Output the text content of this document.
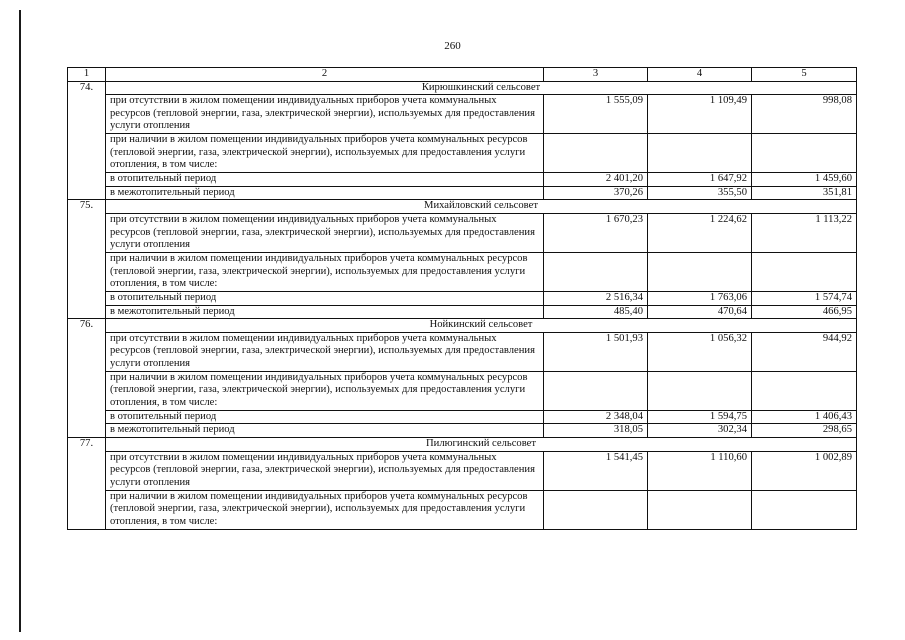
260
1	2	3	4	5
74.	Кирюшкинский сельсовет			
	при отсутствии в жилом помещении индивидуальных приборов учета коммунальных ресурсов (тепловой энергии, газа, электрической энергии), используемых для предоставления услуги отопления	1 555,09	1 109,49	998,08
	при наличии в жилом помещении индивидуальных приборов учета коммунальных ресурсов (тепловой энергии, газа, электрической энергии), используемых для предоставления услуги отопления, в том числе:			
	в отопительный период	2 401,20	1 647,92	1 459,60
	в межотопительный период	370,26	355,50	351,81
75.	Михайловский сельсовет			
	при отсутствии в жилом помещении индивидуальных приборов учета коммунальных ресурсов (тепловой энергии, газа, электрической энергии), используемых для предоставления услуги отопления	1 670,23	1 224,62	1 113,22
	при наличии в жилом помещении индивидуальных приборов учета коммунальных ресурсов (тепловой энергии, газа, электрической энергии), используемых для предоставления услуги отопления, в том числе:			
	в отопительный период	2 516,34	1 763,06	1 574,74
	в межотопительный период	485,40	470,64	466,95
76.	Нойкинский сельсовет			
	при отсутствии в жилом помещении индивидуальных приборов учета коммунальных ресурсов (тепловой энергии, газа, электрической энергии), используемых для предоставления услуги отопления	1 501,93	1 056,32	944,92
	при наличии в жилом помещении индивидуальных приборов учета коммунальных ресурсов (тепловой энергии, газа, электрической энергии), используемых для предоставления услуги отопления, в том числе:			
	в отопительный период	2 348,04	1 594,75	1 406,43
	в межотопительный период	318,05	302,34	298,65
77.	Пилюгинский сельсовет			
	при отсутствии в жилом помещении индивидуальных приборов учета коммунальных ресурсов (тепловой энергии, газа, электрической энергии), используемых для предоставления услуги отопления	1 541,45	1 110,60	1 002,89
	при наличии в жилом помещении индивидуальных приборов учета коммунальных ресурсов (тепловой энергии, газа, электрической энергии), используемых для предоставления услуги отопления, в том числе:			
